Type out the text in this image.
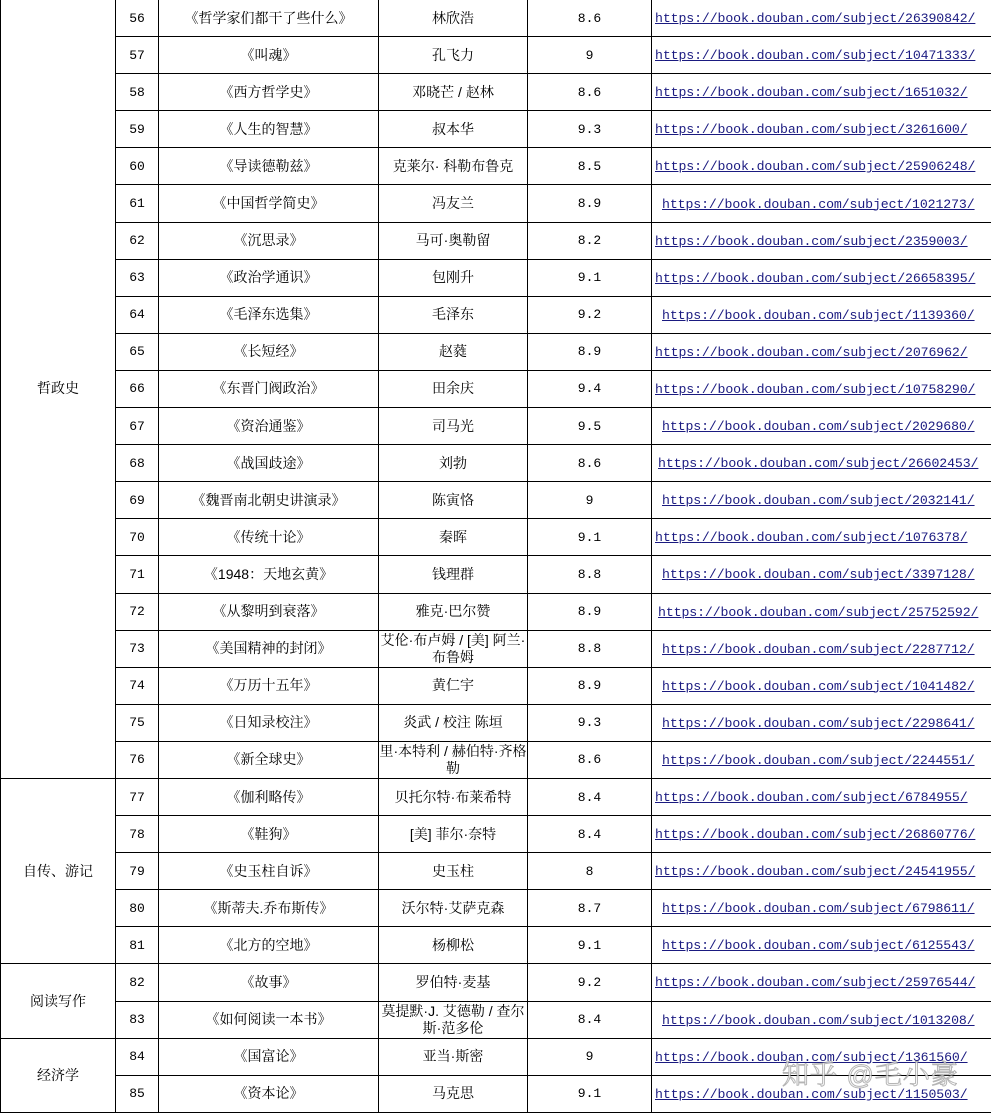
哲政史	56	《哲学家们都干了些什么》	林欣浩	8.6	https://book.douban.com/subject/26390842/
	57	《叫魂》	孔飞力	9	https://book.douban.com/subject/10471333/
	58	《西方哲学史》	邓晓芒 / 赵林	8.6	https://book.douban.com/subject/1651032/
	59	《人生的智慧》	叔本华	9.3	https://book.douban.com/subject/3261600/
	60	《导读德勒兹》	克莱尔· 科勒布鲁克	8.5	https://book.douban.com/subject/25906248/
	61	《中国哲学简史》	冯友兰	8.9	https://book.douban.com/subject/1021273/
	62	《沉思录》	马可·奥勒留	8.2	https://book.douban.com/subject/2359003/
	63	《政治学通识》	包刚升	9.1	https://book.douban.com/subject/26658395/
	64	《毛泽东选集》	毛泽东	9.2	https://book.douban.com/subject/1139360/
	65	《长短经》	赵蕤	8.9	https://book.douban.com/subject/2076962/
	66	《东晋门阀政治》	田余庆	9.4	https://book.douban.com/subject/10758290/
	67	《资治通鉴》	司马光	9.5	https://book.douban.com/subject/2029680/
	68	《战国歧途》	刘勃	8.6	https://book.douban.com/subject/26602453/
	69	《魏晋南北朝史讲演录》	陈寅恪	9	https://book.douban.com/subject/2032141/
	70	《传统十论》	秦晖	9.1	https://book.douban.com/subject/1076378/
	71	《1948：天地玄黄》	钱理群	8.8	https://book.douban.com/subject/3397128/
	72	《从黎明到衰落》	雅克·巴尔赞	8.9	https://book.douban.com/subject/25752592/
	73	《美国精神的封闭》	艾伦·布卢姆 / [美] 阿兰·布鲁姆	8.8	https://book.douban.com/subject/2287712/
	74	《万历十五年》	黄仁宇	8.9	https://book.douban.com/subject/1041482/
	75	《日知录校注》	炎武 / 校注 陈垣	9.3	https://book.douban.com/subject/2298641/
	76	《新全球史》	里·本特利 / 赫伯特·齐格勒	8.6	https://book.douban.com/subject/2244551/
自传、游记	77	《伽利略传》	贝托尔特·布莱希特	8.4	https://book.douban.com/subject/6784955/
	78	《鞋狗》	[美] 菲尔·奈特	8.4	https://book.douban.com/subject/26860776/
	79	《史玉柱自诉》	史玉柱	8	https://book.douban.com/subject/24541955/
	80	《斯蒂夫.乔布斯传》	沃尔特·艾萨克森	8.7	https://book.douban.com/subject/6798611/
	81	《北方的空地》	杨柳松	9.1	https://book.douban.com/subject/6125543/
阅读写作	82	《故事》	罗伯特·麦基	9.2	https://book.douban.com/subject/25976544/
	83	《如何阅读一本书》	莫提默·J. 艾德勒 / 查尔斯·范多伦	8.4	https://book.douban.com/subject/1013208/
经济学	84	《国富论》	亚当·斯密	9	https://book.douban.com/subject/1361560/
	85	《资本论》	马克思	9.1	https://book.douban.com/subject/1150503/
知乎 @毛小豪
